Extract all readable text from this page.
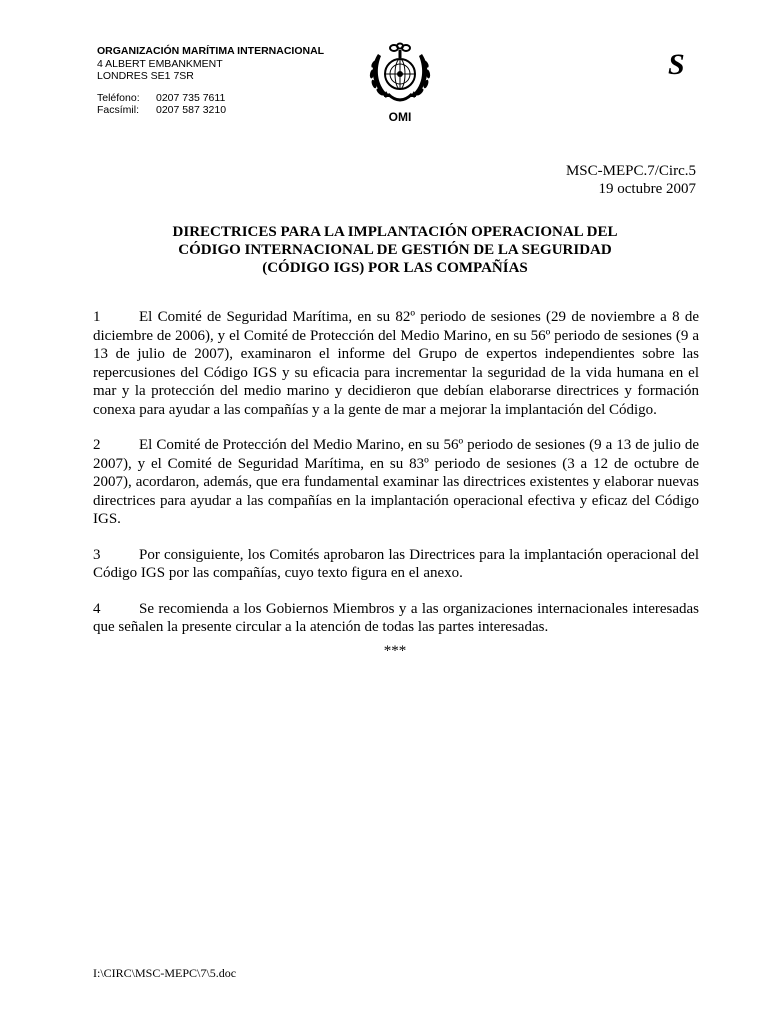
ORGANIZACIÓN MARÍTIMA INTERNACIONAL
4 ALBERT EMBANKMENT
LONDRES SE1 7SR
Teléfono:	0207 735 7611
Facsímil:	0207 587 3210
OMI
S
MSC-MEPC.7/Circ.5
19 octubre 2007
DIRECTRICES PARA LA IMPLANTACIÓN OPERACIONAL DEL
CÓDIGO INTERNACIONAL DE GESTIÓN DE LA SEGURIDAD
(CÓDIGO IGS) POR LAS COMPAÑÍAS

1	El Comité de Seguridad Marítima, en su 82º periodo de sesiones (29 de noviembre a 8 de diciembre de 2006), y el Comité de Protección del Medio Marino, en su 56º periodo de sesiones (9 a 13 de julio de 2007), examinaron el informe del Grupo de expertos independientes sobre las repercusiones del Código IGS y su eficacia para incrementar la seguridad de la vida humana en el mar y la protección del medio marino y decidieron que debían elaborarse directrices y formación conexa para ayudar a las compañías y a la gente de mar a mejorar la implantación del Código.

2	El Comité de Protección del Medio Marino, en su 56º periodo de sesiones (9 a 13 de julio de 2007), y el Comité de Seguridad Marítima, en su 83º periodo de sesiones (3 a 12 de octubre de 2007), acordaron, además, que era fundamental examinar las directrices existentes y elaborar nuevas directrices para ayudar a las compañías en la implantación operacional efectiva y eficaz del Código IGS.

3	Por consiguiente, los Comités aprobaron las Directrices para la implantación operacional del Código IGS por las compañías, cuyo texto figura en el anexo.

4	Se recomienda a los Gobiernos Miembros y a las organizaciones internacionales interesadas que señalen la presente circular a la atención de todas las partes interesadas.

***
I:\CIRC\MSC-MEPC\7\5.doc
